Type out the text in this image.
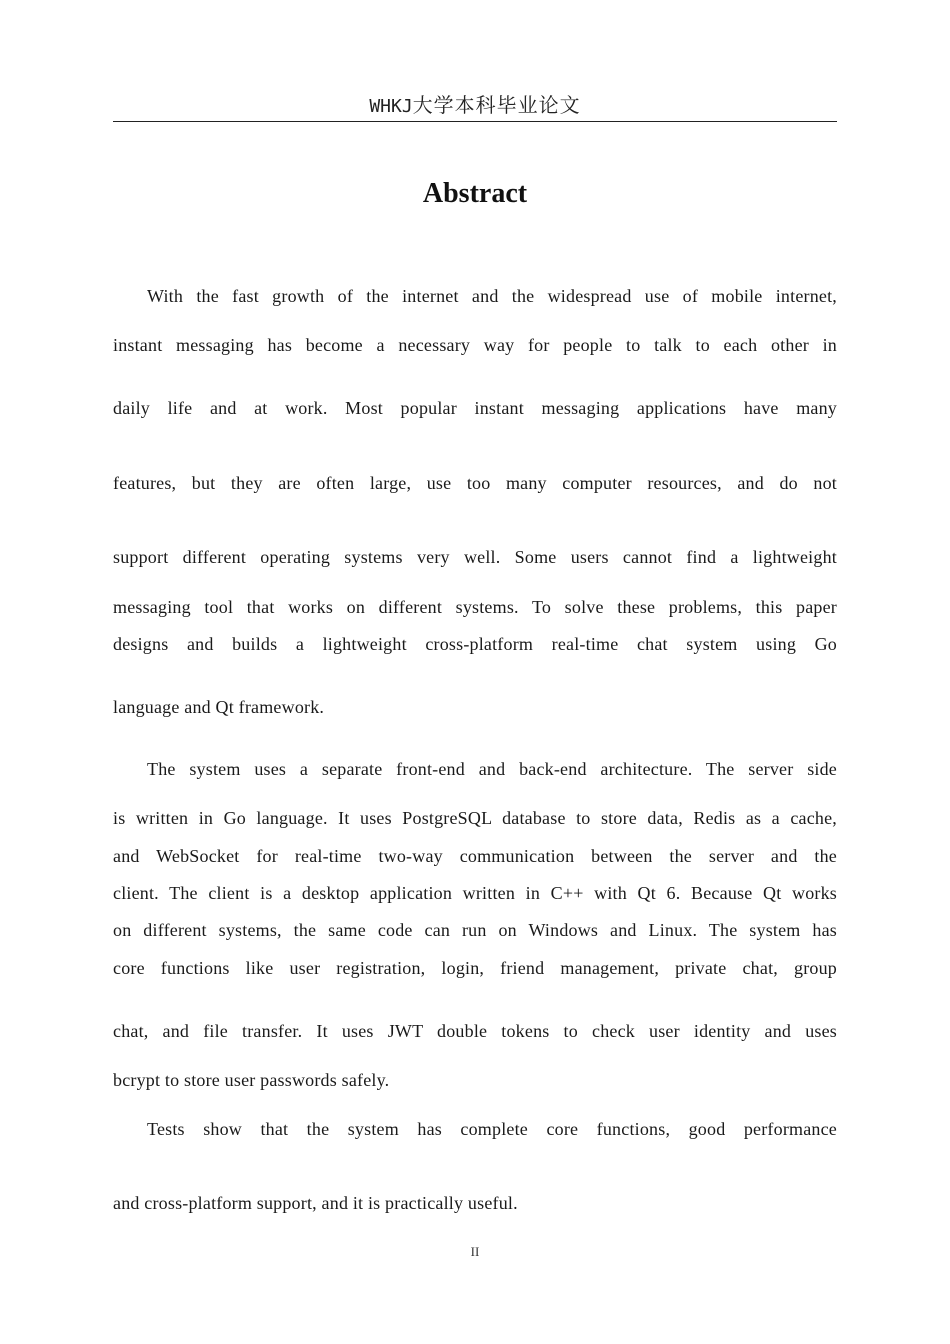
WHKJ大学本科毕业论文
Abstract
With the fast growth of the internet and the widespread use of mobile internet,
instant messaging has become a necessary way for people to talk to each other in
daily life and at work. Most popular instant messaging applications have many
features, but they are often large, use too many computer resources, and do not
support different operating systems very well. Some users cannot find a lightweight
messaging tool that works on different systems. To solve these problems, this paper
designs and builds a lightweight cross-platform real-time chat system using Go
language and Qt framework.
The system uses a separate front-end and back-end architecture. The server side
is written in Go language. It uses PostgreSQL database to store data, Redis as a cache,
and WebSocket for real-time two-way communication between the server and the
client. The client is a desktop application written in C++ with Qt 6. Because Qt works
on different systems, the same code can run on Windows and Linux. The system has
core functions like user registration, login, friend management, private chat, group
chat, and file transfer. It uses JWT double tokens to check user identity and uses
bcrypt to store user passwords safely.
Tests show that the system has complete core functions, good performance
and cross-platform support, and it is practically useful.
II
